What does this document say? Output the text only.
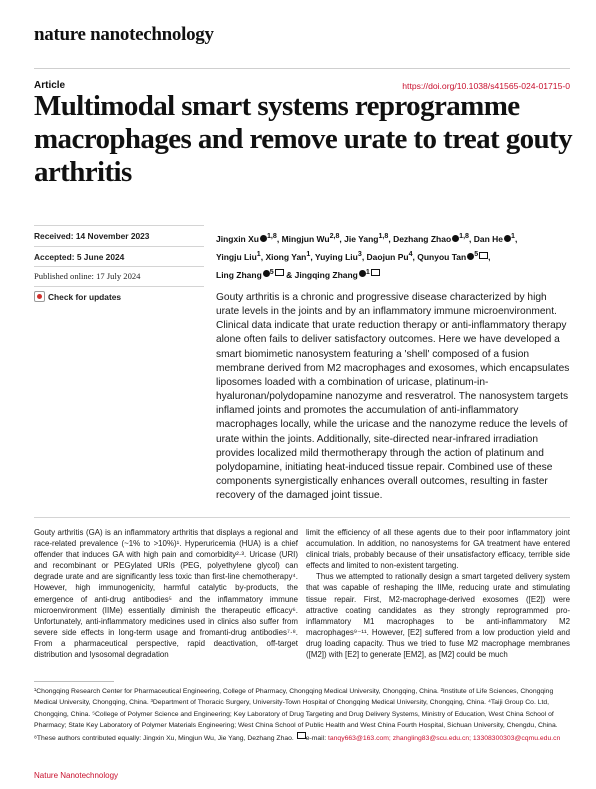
nature nanotechnology
Article	https://doi.org/10.1038/s41565-024-01715-0
Multimodal smart systems reprogramme macrophages and remove urate to treat gouty arthritis
Received: 14 November 2023
Accepted: 5 June 2024
Published online: 17 July 2024
Check for updates

Jingxin Xu $^{1,8}$, Mingjun Wu$^{2,8}$, Jie Yang$^{1,8}$, Dezhang Zhao $^{1,8}$, Dan He $^1$,
Yingju Liu$^1$, Xiong Yan$^1$, Yuying Liu$^3$, Daojun Pu$^4$, Qunyou Tan $^5$ ,
Ling Zhang $^5$ & Jingqing Zhang $^1$

Gouty arthritis is a chronic and progressive disease characterized by high urate levels in the joints and by an inflammatory immune microenvironment. Clinical data indicate that urate reduction therapy or anti-inflammatory therapy alone often fails to deliver satisfactory outcomes. Here we have developed a smart biomimetic nanosystem featuring a 'shell' composed of a fusion membrane derived from M2 macrophages and exosomes, which encapsulates liposomes loaded with a combination of uricase, platinum-in-hyaluronan/polydopamine nanozyme and resveratrol. The nanosystem targets inflamed joints and promotes the accumulation of anti-inflammatory macrophages locally, while the uricase and the nanozyme reduce the levels of urate within the joints. Additionally, site-directed near-infrared irradiation provides localized mild thermotherapy through the action of platinum and polydopamine, initiating heat-induced tissue repair. Combined use of these components synergistically enhances overall outcomes, resulting in faster recovery of the damaged joint tissue.

Gouty arthritis (GA) is an inflammatory arthritis that displays a regional and race-related prevalence (~1% to >10%)¹. Hyperuricemia (HUA) is a chief offender that induces GA with high pain and comorbidity²·³. Uricase (URI) and recombinant or PEGylated URIs (PEG, polyethylene glycol) can degrade urate and are significantly less toxic than first-line chemotherapy⁴. However, high immunogenicity, harmful catalytic by-products, the emergence of anti-drug antibodies⁵ and the inflammatory immune microenvironment (IIMe) essentially diminish the therapeutic efficacy⁶. Unfortunately, anti-inflammatory medicines used in clinics also suffer from severe side effects in long-term usage and fromanti-drug antibodies⁷·⁸. From a pharmaceutical perspective, rapid deactivation, off-target distribution and lysosomal degradation

limit the efficiency of all these agents due to their poor inflammatory joint accumulation. In addition, no nanosystems for GA treatment have entered clinical trials, probably because of their unsatisfactory efficacy, terrible side effects and limited to non-existent targeting.
Thus we attempted to rationally design a smart targeted delivery system that was capable of reshaping the IIMe, reducing urate and stimulating tissue repair. First, M2-macrophage-derived exosomes ([E2]) were attractive coating candidates as they strongly reprogrammed pro-inflammatory M1 macrophages to be anti-inflammatory M2 macrophages⁹⁻¹¹. However, [E2] suffered from a low production yield and drug loading capacity. Thus we tried to fuse M2 macrophage membranes ([M2]) with [E2] to generate [EM2], as [M2] could be much

¹Chongqing Research Center for Pharmaceutical Engineering, College of Pharmacy, Chongqing Medical University, Chongqing, China. ²Institute of Life Sciences, Chongqing Medical University, Chongqing, China. ³Department of Thoracic Surgery, University-Town Hospital of Chongqing Medical University, Chongqing, China. ⁴Taiji Group Co. Ltd, Chongqing, China. ⁵College of Polymer Science and Engineering; Key Laboratory of Drug Targeting and Drug Delivery Systems, Ministry of Education, West China School of Pharmacy; State Key Laboratory of Polymer Materials Engineering; West China School of Public Health and West China Fourth Hospital, Sichuan University, Chengdu, China. ⁸These authors contributed equally: Jingxin Xu, Mingjun Wu, Jie Yang, Dezhang Zhao. e-mail: tanqy663@163.com; zhangling83@scu.edu.cn; 13308300303@cqmu.edu.cn

Nature Nanotechnology
